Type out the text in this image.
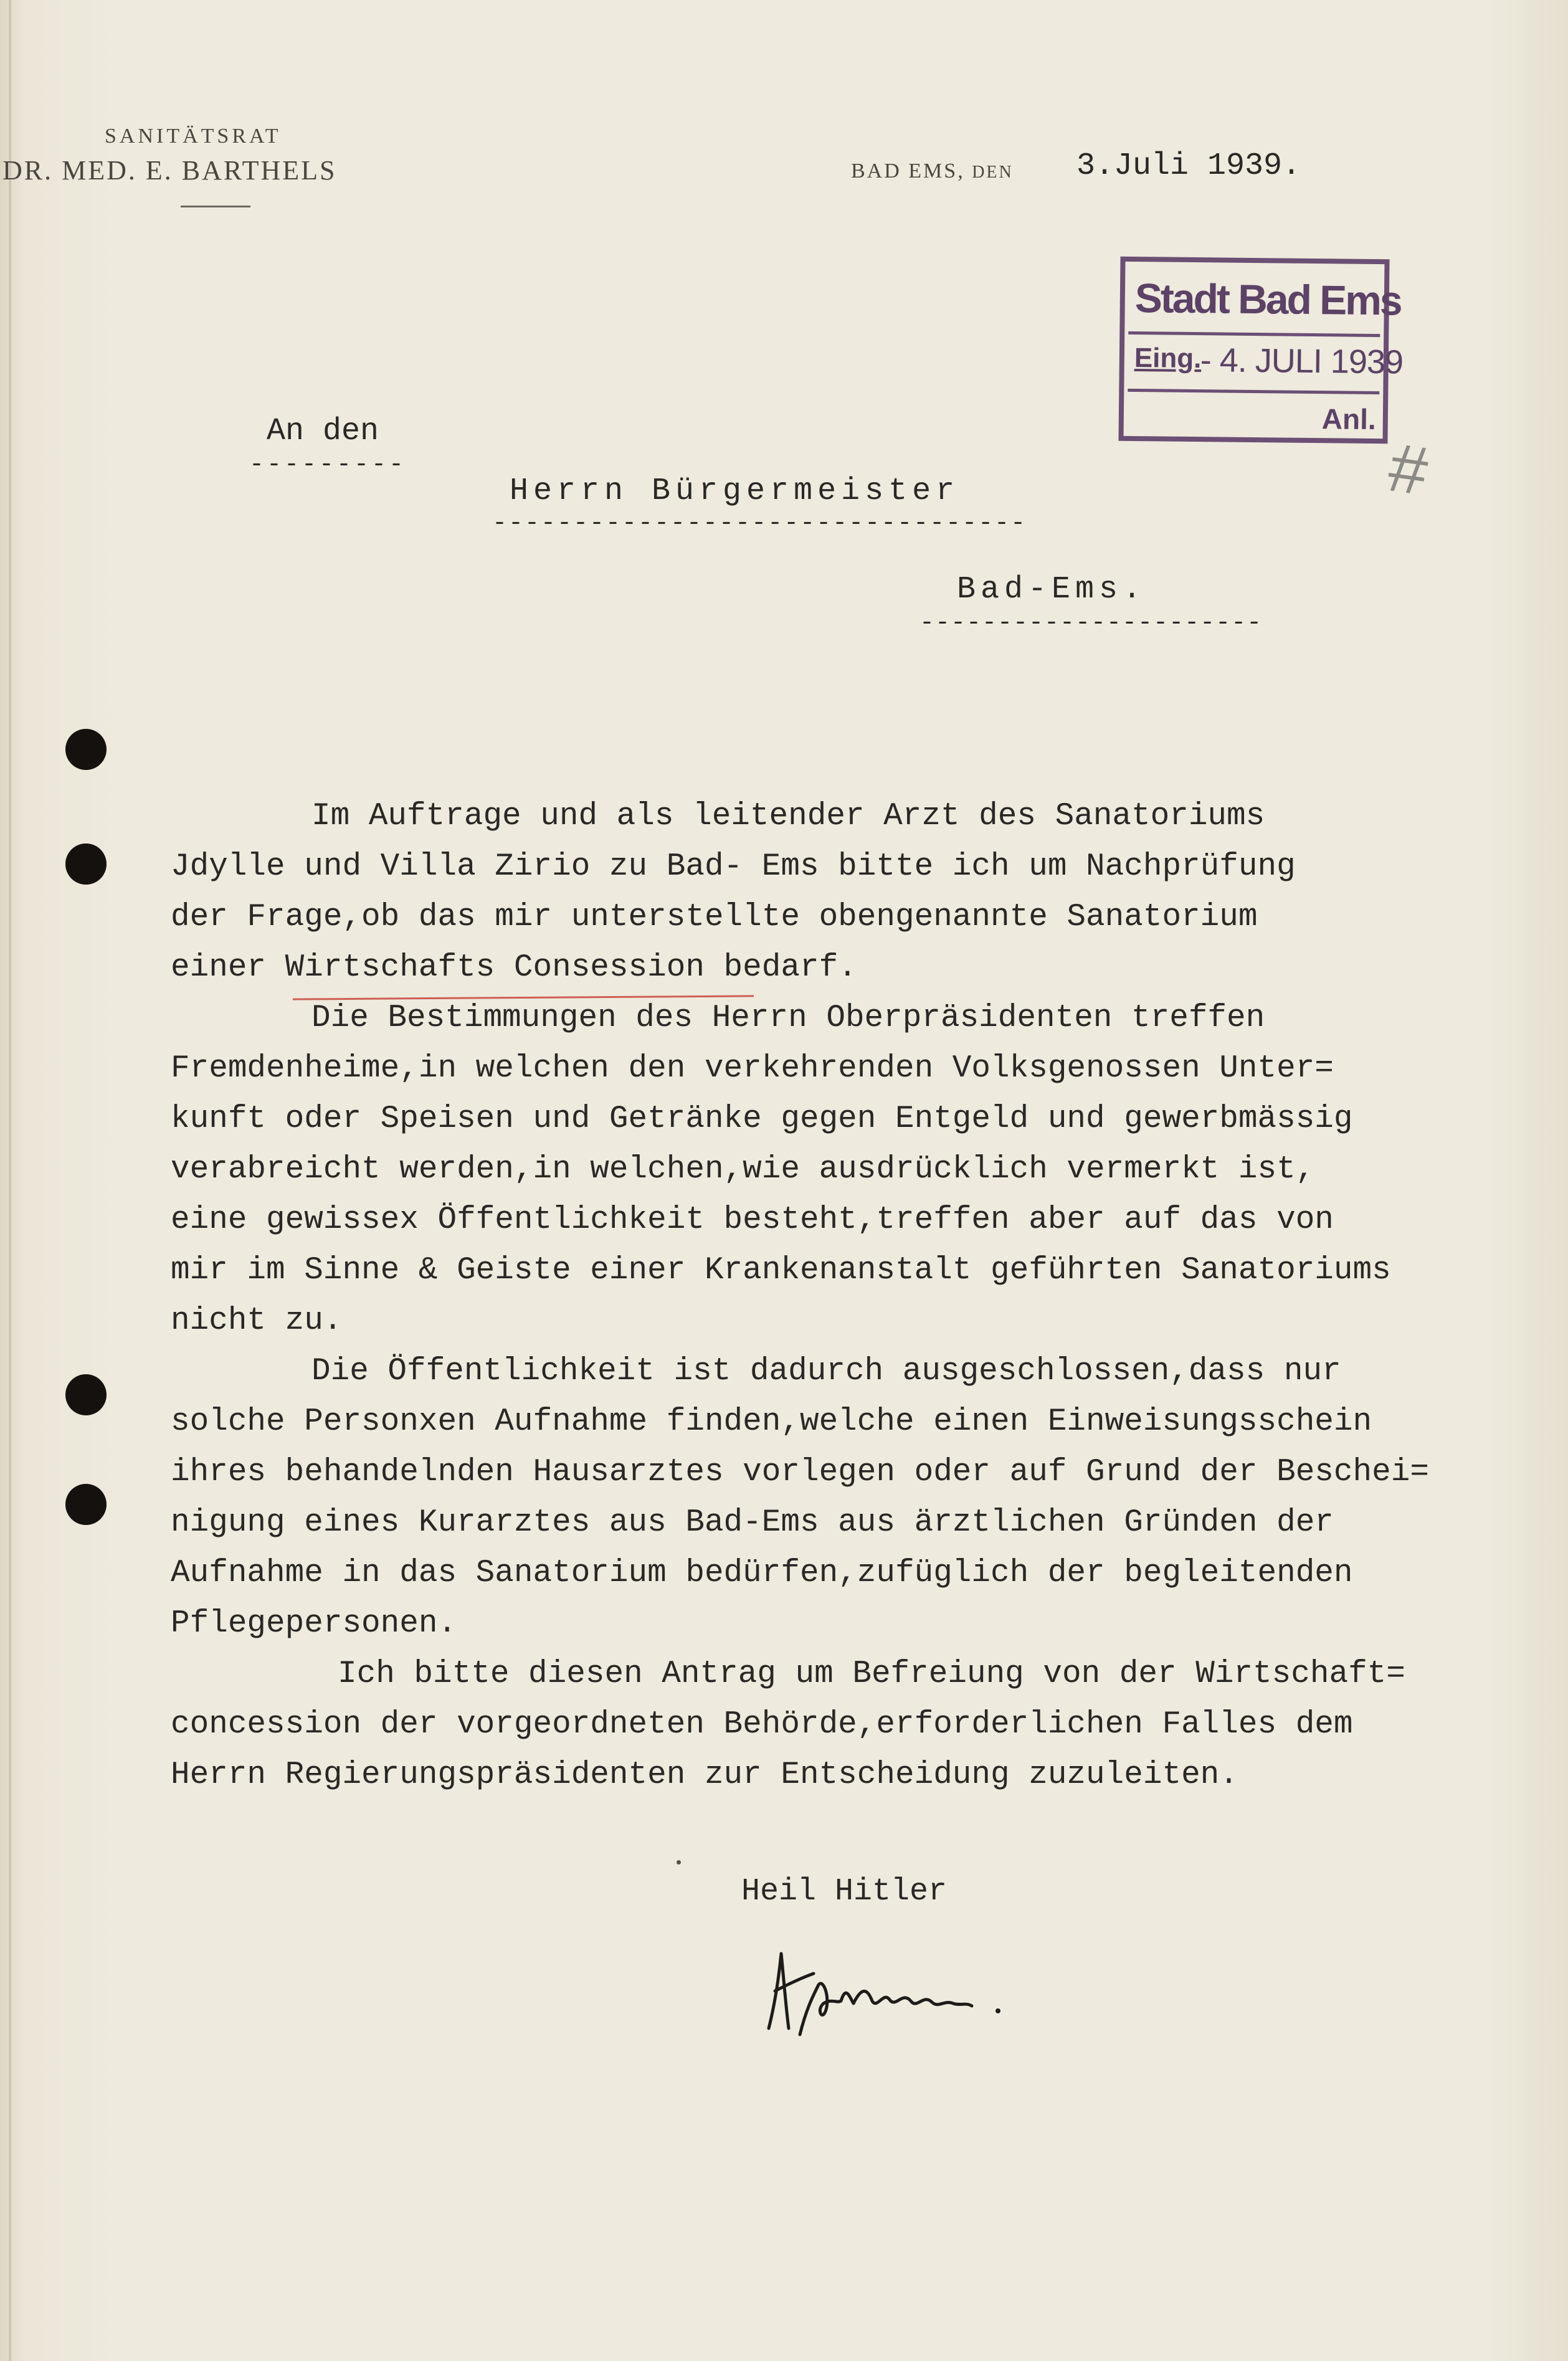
SANITÄTSRAT
DR. MED. E. BARTHELS	BAD EMS, DEN 3.Juli 1939.
Stadt Bad Ems
Eing.
- 4. JULI 1939
Anl.
#
An den
---------
Herrn Bürgermeister
---------------------------------
Bad-Ems.
----------------------

Im Auftrage und als leitender Arzt des Sanatoriums
Jdylle und Villa Zirio zu Bad- Ems bitte ich um Nachprüfung
der Frage,ob das mir unterstellte obengenannte Sanatorium
einer Wirtschafts Consession bedarf.

Die Bestimmungen des Herrn Oberpräsidenten treffen
Fremdenheime,in welchen den verkehrenden Volksgenossen Unter=
kunft oder Speisen und Getränke gegen Entgeld und gewerbmässig
verabreicht werden,in welchen,wie ausdrücklich vermerkt ist,
eine gewissex Öffentlichkeit besteht,treffen aber auf das von
mir im Sinne & Geiste einer Krankenanstalt geführten Sanatoriums
nicht zu.

Die Öffentlichkeit ist dadurch ausgeschlossen,dass nur
solche Personxen Aufnahme finden,welche einen Einweisungsschein
ihres behandelnden Hausarztes vorlegen oder auf Grund der Beschei=
nigung eines Kurarztes aus Bad-Ems aus ärztlichen Gründen der
Aufnahme in das Sanatorium bedürfen,zufüglich der begleitenden
Pflegepersonen.

Ich bitte diesen Antrag um Befreiung von der Wirtschaft=
concession der vorgeordneten Behörde,erforderlichen Falles dem
Herrn Regierungspräsidenten zur Entscheidung zuzuleiten.

Heil Hitler
